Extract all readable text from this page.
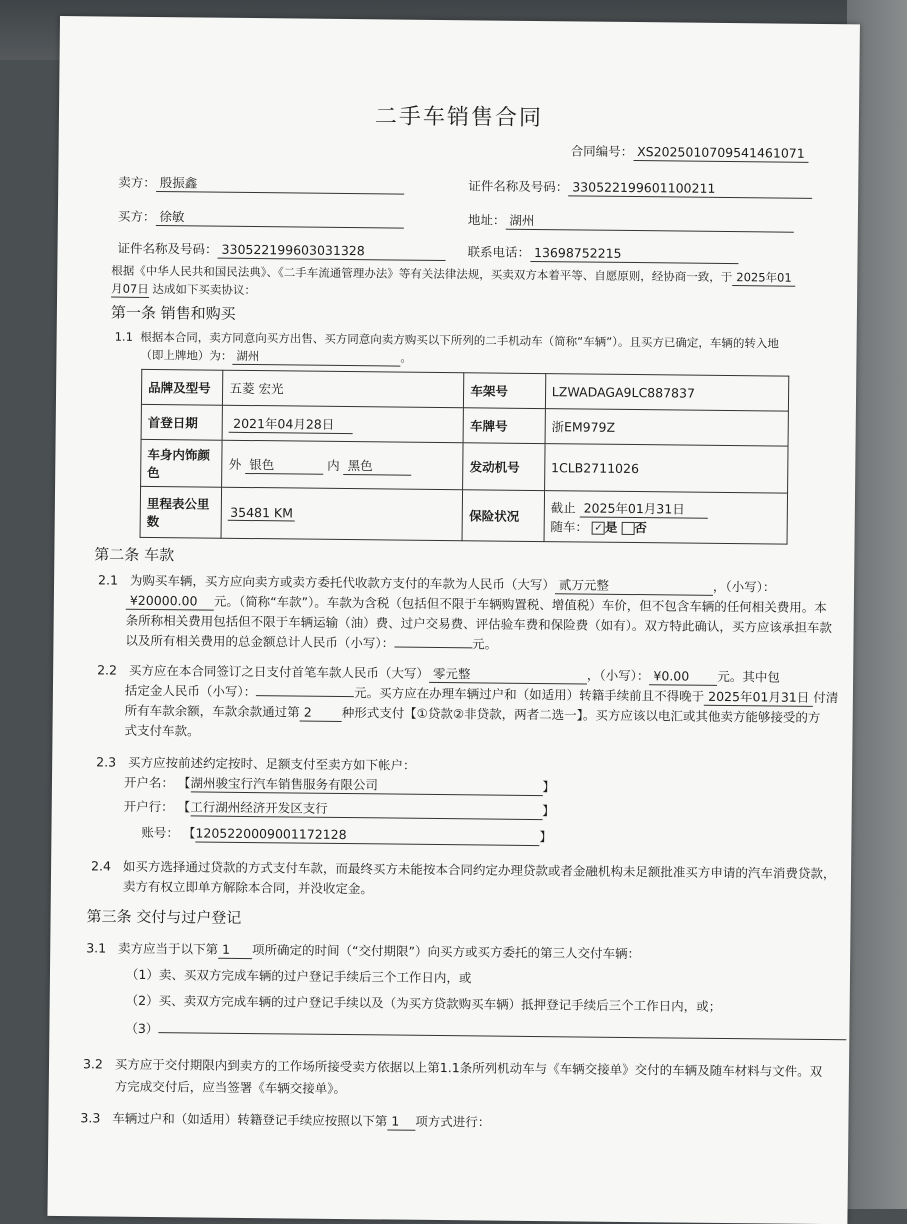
二手车销售合同
合同编号： XS2025010709541461071
卖方： 殷振鑫	证件名称及号码： 330522199601100211
买方： 徐敏	地址： 湖州
证件名称及号码： 330522199603031328	联系电话： 13698752215
根据《中华人民共和国民法典》、《二手车流通管理办法》等有关法律法规，买卖双方本着平等、自愿原则，经协商一致，于 2025年01
月07日 达成如下买卖协议：
第一条 销售和购买
1.1 根据本合同，卖方同意向买方出售、买方同意向卖方购买以下所列的二手机动车（简称“车辆”）。且买方已确定，车辆的转入地
（即上牌地）为： 湖州	。
品牌及型号	五菱 宏光	车架号	LZWADAGA9LC887837
首登日期	2021年04月28日	车牌号	浙EM979Z
车身内饰颜色	外 银色 内 黑色	发动机号	1CLB2711026
里程表公里数	35481 KM	保险状况	截止 2025年01月31日
随车： ✓ 是 否
第二条 车款
2.1 为购买车辆，买方应向卖方或卖方委托代收款方支付的车款为人民币（大写） 贰万元整	，（小写）：
¥20000.00 元。（简称“车款”）。车款为含税（包括但不限于车辆购置税、增值税）车价，但不包含车辆的任何相关费用。本
条所称相关费用包括但不限于车辆运输（油）费、过户交易费、评估验车费和保险费（如有）。双方特此确认，买方应该承担车款
以及所有相关费用的总金额总计人民币（小写）：	元。
2.2 买方应在本合同签订之日支付首笔车款人民币（大写） 零元整	，（小写）： ¥0.00 元。其中包
括定金人民币（小写）：	元。买方应在办理车辆过户和（如适用）转籍手续前且不得晚于 2025年01月31日 付清
所有车款余额，车款余款通过第 2 种形式支付【①贷款②非贷款，两者二选一】。买方应该以电汇或其他卖方能够接受的方
式支付车款。
2.3 买方应按前述约定按时、足额支付至卖方如下帐户：
开户名： 【湖州骏宝行汽车销售服务有限公司	】
开户行： 【工行湖州经济开发区支行	】
账号： 【1205220009001172128	】
2.4 如买方选择通过贷款的方式支付车款，而最终买方未能按本合同约定办理贷款或者金融机构未足额批准买方申请的汽车消费贷款，
卖方有权立即单方解除本合同，并没收定金。
第三条 交付与过户登记
3.1 卖方应当于以下第 1 项所确定的时间（“交付期限”）向买方或买方委托的第三人交付车辆：
（1）卖、买双方完成车辆的过户登记手续后三个工作日内，或
（2）买、卖双方完成车辆的过户登记手续以及（为买方贷款购买车辆）抵押登记手续后三个工作日内，或；
（3）
3.2 买方应于交付期限内到卖方的工作场所接受卖方依据以上第1.1条所列机动车与《车辆交接单》交付的车辆及随车材料与文件。双
方完成交付后，应当签署《车辆交接单》。
3.3 车辆过户和（如适用）转籍登记手续应按照以下第 1 项方式进行：
